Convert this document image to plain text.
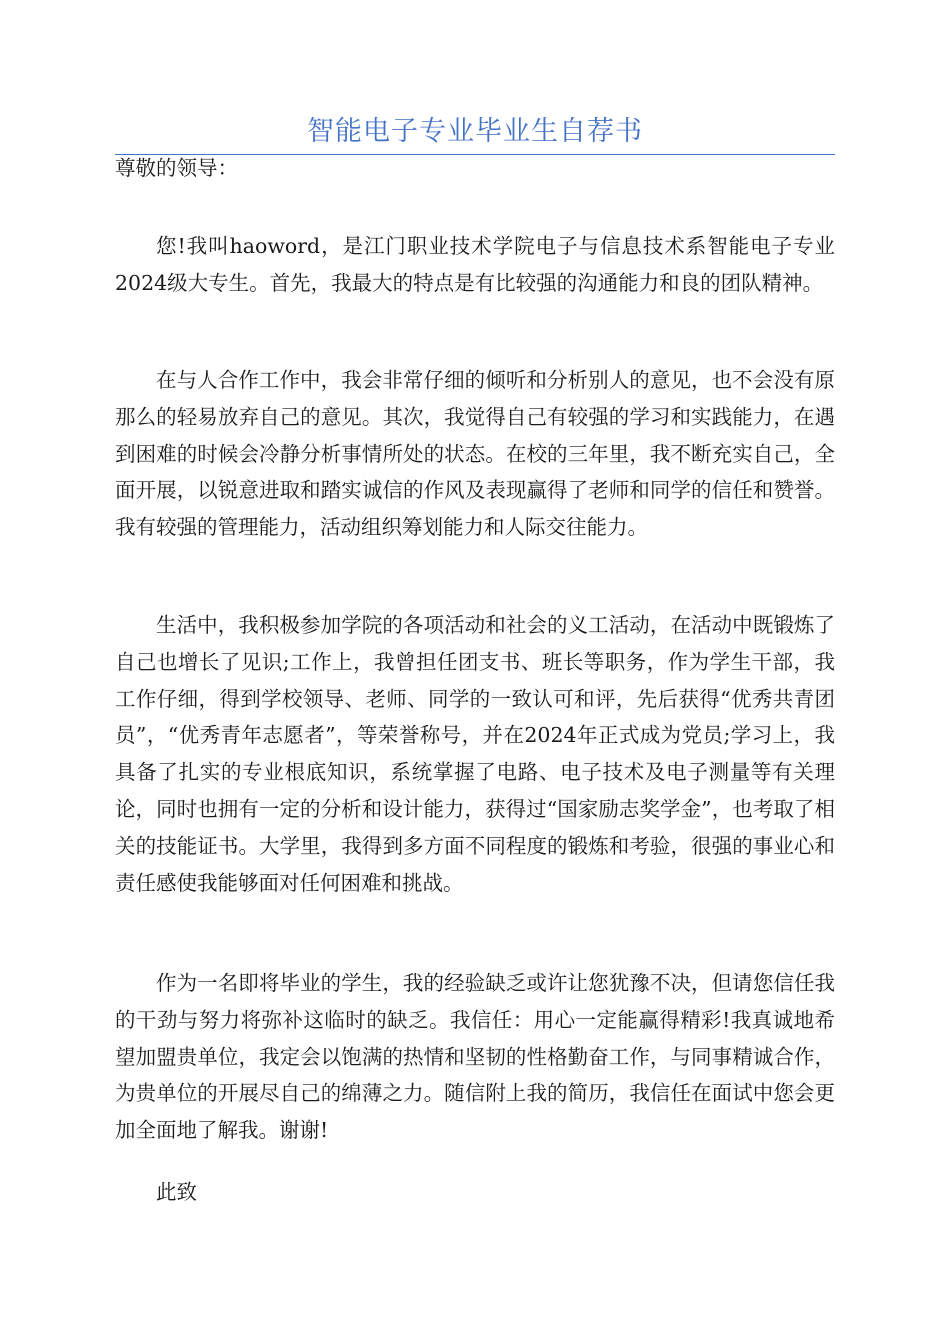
智能电子专业毕业生自荐书

尊敬的领导：

您!我叫haoword，是江门职业技术学院电子与信息技术系智能电子专业2024级大专生。首先，我最大的特点是有比较强的沟通能力和良的团队精神。

在与人合作工作中，我会非常仔细的倾听和分析别人的意见，也不会没有原那么的轻易放弃自己的意见。其次，我觉得自己有较强的学习和实践能力，在遇到困难的时候会冷静分析事情所处的状态。在校的三年里，我不断充实自己，全面开展，以锐意进取和踏实诚信的作风及表现赢得了老师和同学的信任和赞誉。我有较强的管理能力，活动组织筹划能力和人际交往能力。

生活中，我积极参加学院的各项活动和社会的义工活动，在活动中既锻炼了自己也增长了见识;工作上，我曾担任团支书、班长等职务，作为学生干部，我工作仔细，得到学校领导、老师、同学的一致认可和评，先后获得“优秀共青团员”，“优秀青年志愿者”，等荣誉称号，并在2024年正式成为党员;学习上，我具备了扎实的专业根底知识，系统掌握了电路、电子技术及电子测量等有关理论，同时也拥有一定的分析和设计能力，获得过“国家励志奖学金”，也考取了相关的技能证书。大学里，我得到多方面不同程度的锻炼和考验，很强的事业心和责任感使我能够面对任何困难和挑战。

作为一名即将毕业的学生，我的经验缺乏或许让您犹豫不决，但请您信任我的干劲与努力将弥补这临时的缺乏。我信任：用心一定能赢得精彩!我真诚地希望加盟贵单位，我定会以饱满的热情和坚韧的性格勤奋工作，与同事精诚合作，为贵单位的开展尽自己的绵薄之力。随信附上我的简历，我信任在面试中您会更加全面地了解我。谢谢!

此致
